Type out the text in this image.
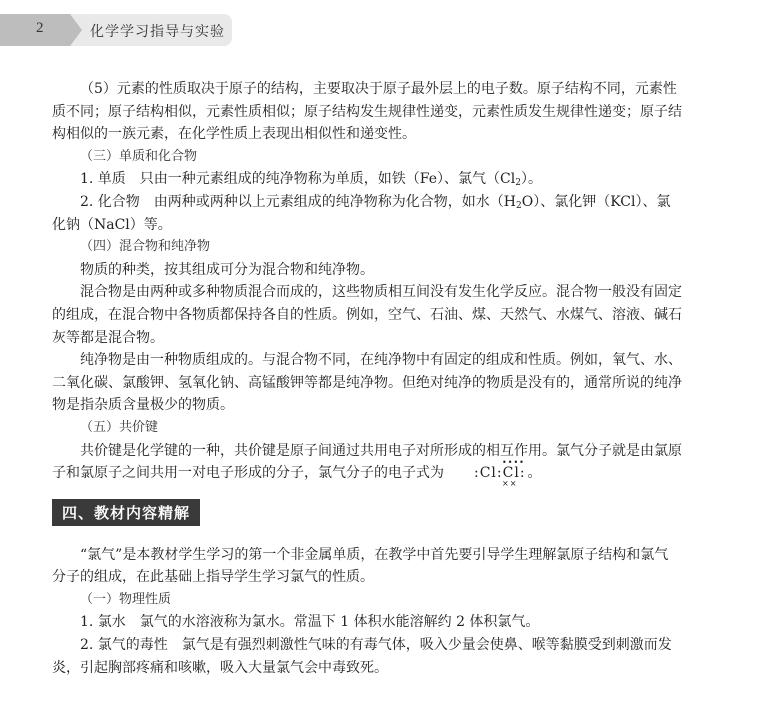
2	化学学习指导与实验

（5）元素的性质取决于原子的结构，主要取决于原子最外层上的电子数。原子结构不同，元素性质不同；原子结构相似，元素性质相似；原子结构发生规律性递变，元素性质发生规律性递变；原子结构相似的一族元素，在化学性质上表现出相似性和递变性。

（三）单质和化合物

1. 单质　只由一种元素组成的纯净物称为单质，如铁（Fe）、氯气$(Cl_2)$。

2. 化合物　由两种或两种以上元素组成的纯净物称为化合物，如水$(H_2O)$、氯化钾（KCl）、氯化钠（NaCl）等。

（四）混合物和纯净物

物质的种类，按其组成可分为混合物和纯净物。

混合物是由两种或多种物质混合而成的，这些物质相互间没有发生化学反应。混合物一般没有固定的组成，在混合物中各物质都保持各自的性质。例如，空气、石油、煤、天然气、水煤气、溶液、碱石灰等都是混合物。

纯净物是由一种物质组成的。与混合物不同，在纯净物中有固定的组成和性质。例如，氧气、水、二氧化碳、氯酸钾、氢氧化钠、高锰酸钾等都是纯净物。但绝对纯净的物质是没有的，通常所说的纯净物是指杂质含量极少的物质。

（五）共价键

共价键是化学键的一种，共价键是原子间通过共用电子对所形成的相互作用。氯气分子就是由氯原子和氯原子之间共用一对电子形成的分子，氯气分子的电子式为 :Cl:Cl:
••••
××
。

四、教材内容精解

“氯气”是本教材学生学习的第一个非金属单质，在教学中首先要引导学生理解氯原子结构和氯气分子的组成，在此基础上指导学生学习氯气的性质。

（一）物理性质

1. 氯水　氯气的水溶液称为氯水。常温下 1 体积水能溶解约 2 体积氯气。

2. 氯气的毒性　氯气是有强烈刺激性气味的有毒气体，吸入少量会使鼻、喉等黏膜受到刺激而发炎，引起胸部疼痛和咳嗽，吸入大量氯气会中毒致死。
